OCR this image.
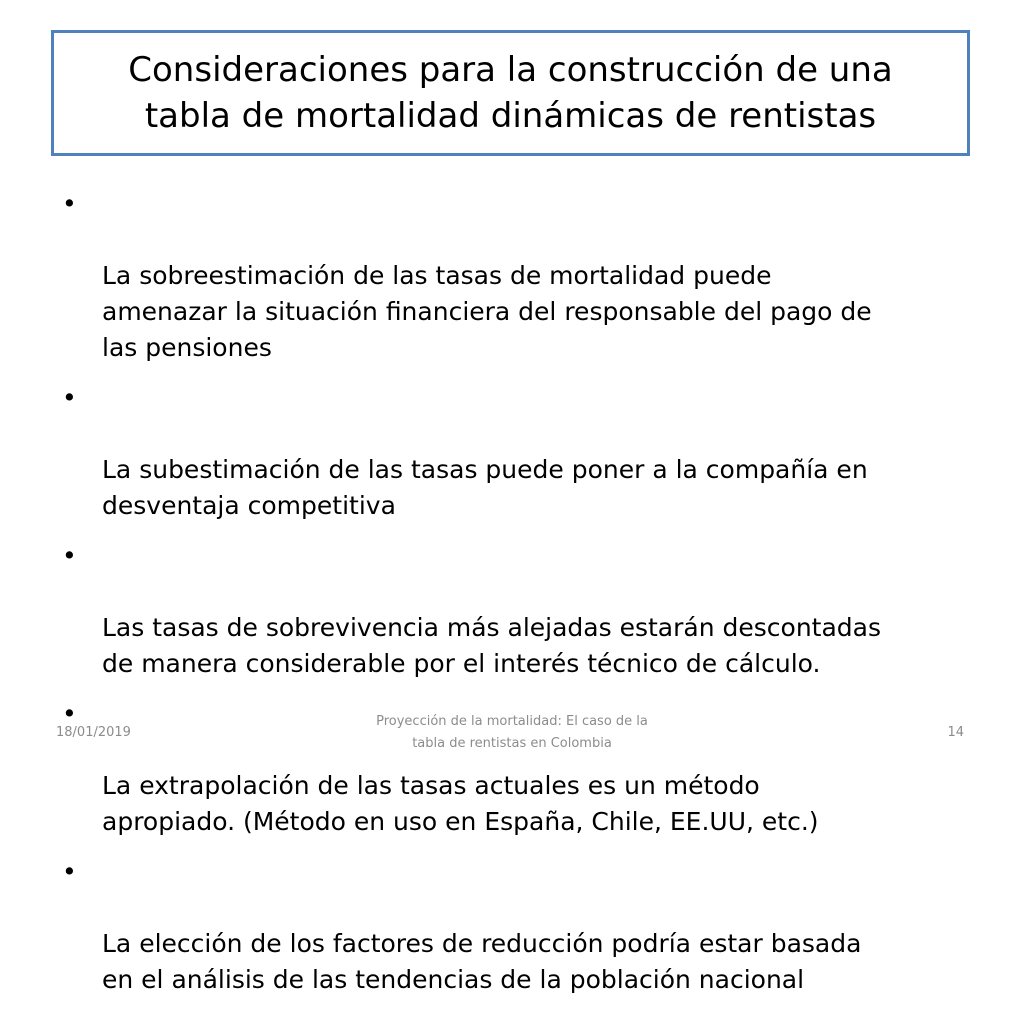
Consideraciones para la construcción de una
tabla de mortalidad dinámicas de rentistas

•

La sobreestimación de las tasas de mortalidad puede
amenazar la situación financiera del responsable del pago de
las pensiones

•

La subestimación de las tasas puede poner a la compañía en
desventaja competitiva

•

Las tasas de sobrevivencia más alejadas estarán descontadas
de manera considerable por el interés técnico de cálculo.

•

La extrapolación de las tasas actuales es un método
apropiado. (Método en uso en España, Chile, EE.UU, etc.)

•

La elección de los factores de reducción podría estar basada
en el análisis de las tendencias de la población nacional

18/01/2019
Proyección de la mortalidad: El caso de la
tabla de rentistas en Colombia
14
